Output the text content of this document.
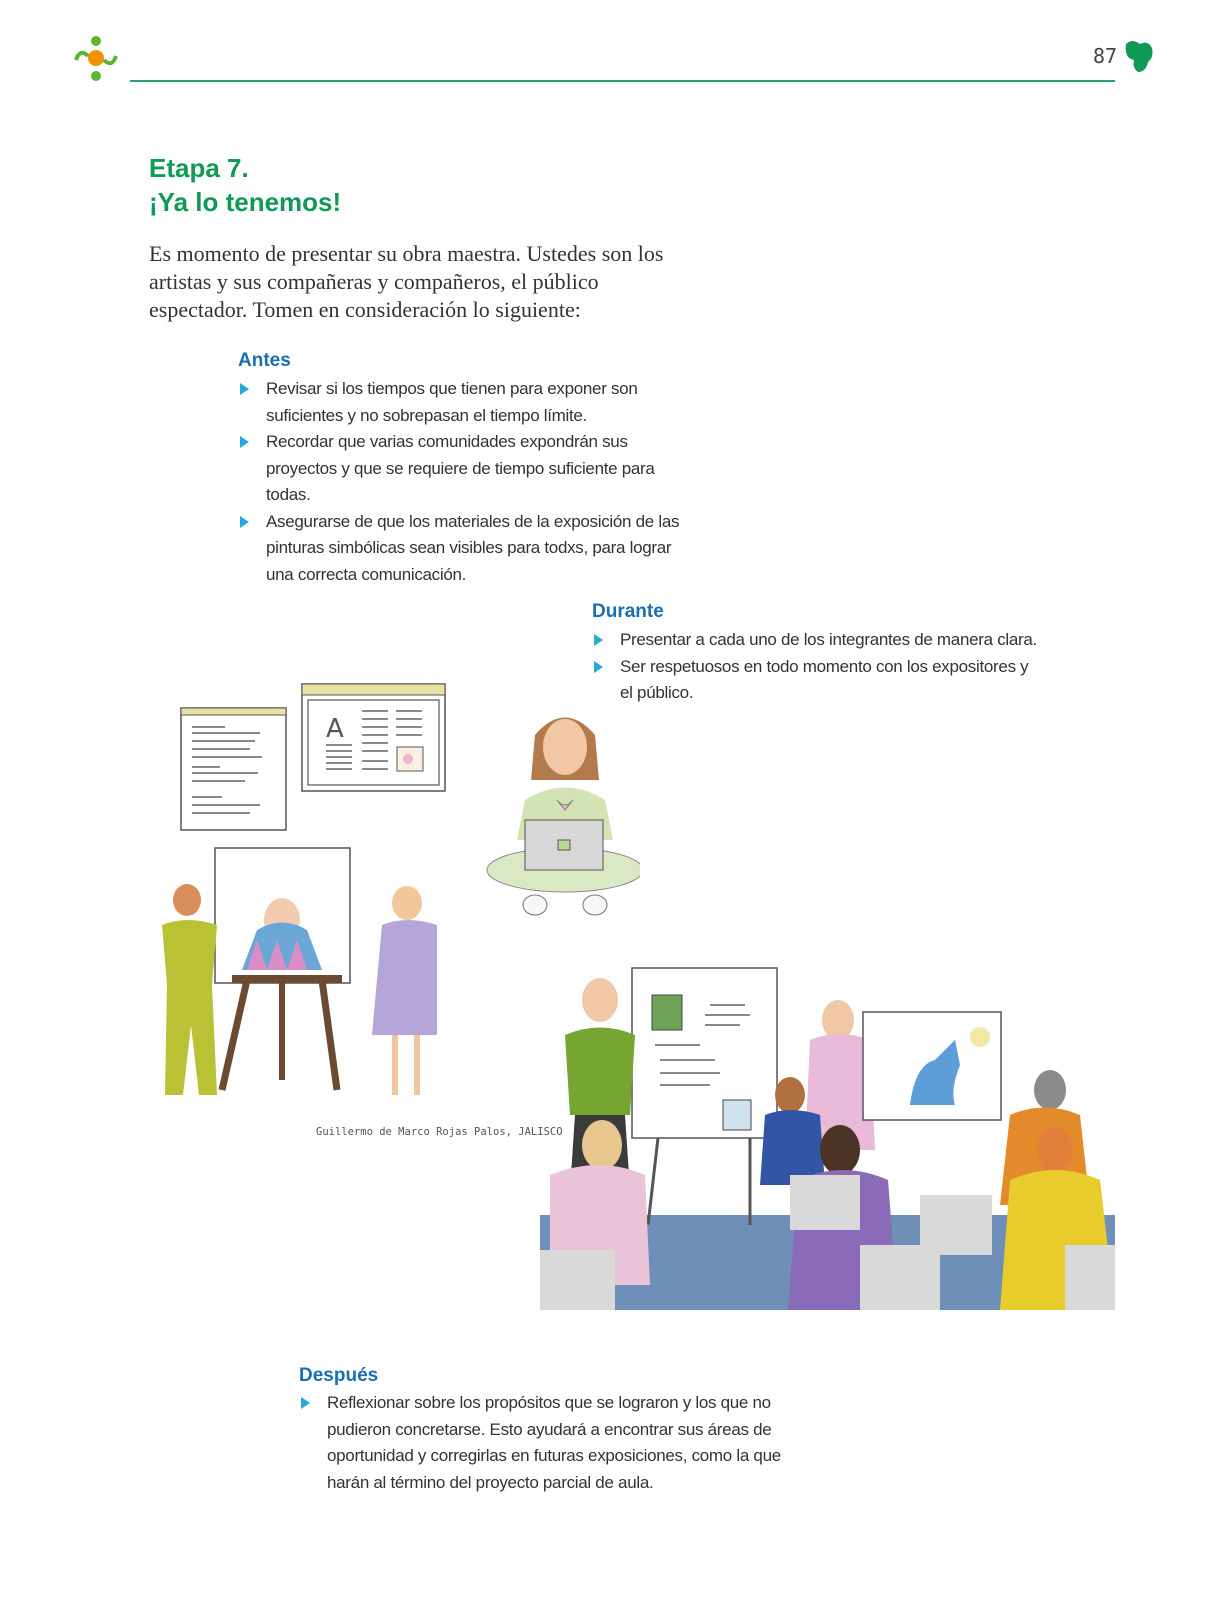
87
Etapa 7.
¡Ya lo tenemos!

Es momento de presentar su obra maestra. Ustedes son los artistas y sus compañeras y compañeros, el público espectador. Tomen en consideración lo siguiente:

Antes
Revisar si los tiempos que tienen para exponer son suficientes y no sobrepasan el tiempo límite.
Recordar que varias comunidades expondrán sus proyectos y que se requiere de tiempo suficiente para todas.
Asegurarse de que los materiales de la exposición de las pinturas simbólicas sean visibles para todxs, para lograr una correcta comunicación.
Durante
Presentar a cada uno de los integrantes de manera clara.
Ser respetuosos en todo momento con los expositores y el público.
A
Guillermo de Marco Rojas Palos, JALISCO
Después
Reflexionar sobre los propósitos que se lograron y los que no pudieron concretarse. Esto ayudará a encontrar sus áreas de oportunidad y corregirlas en futuras exposiciones, como la que harán al término del proyecto parcial de aula.
